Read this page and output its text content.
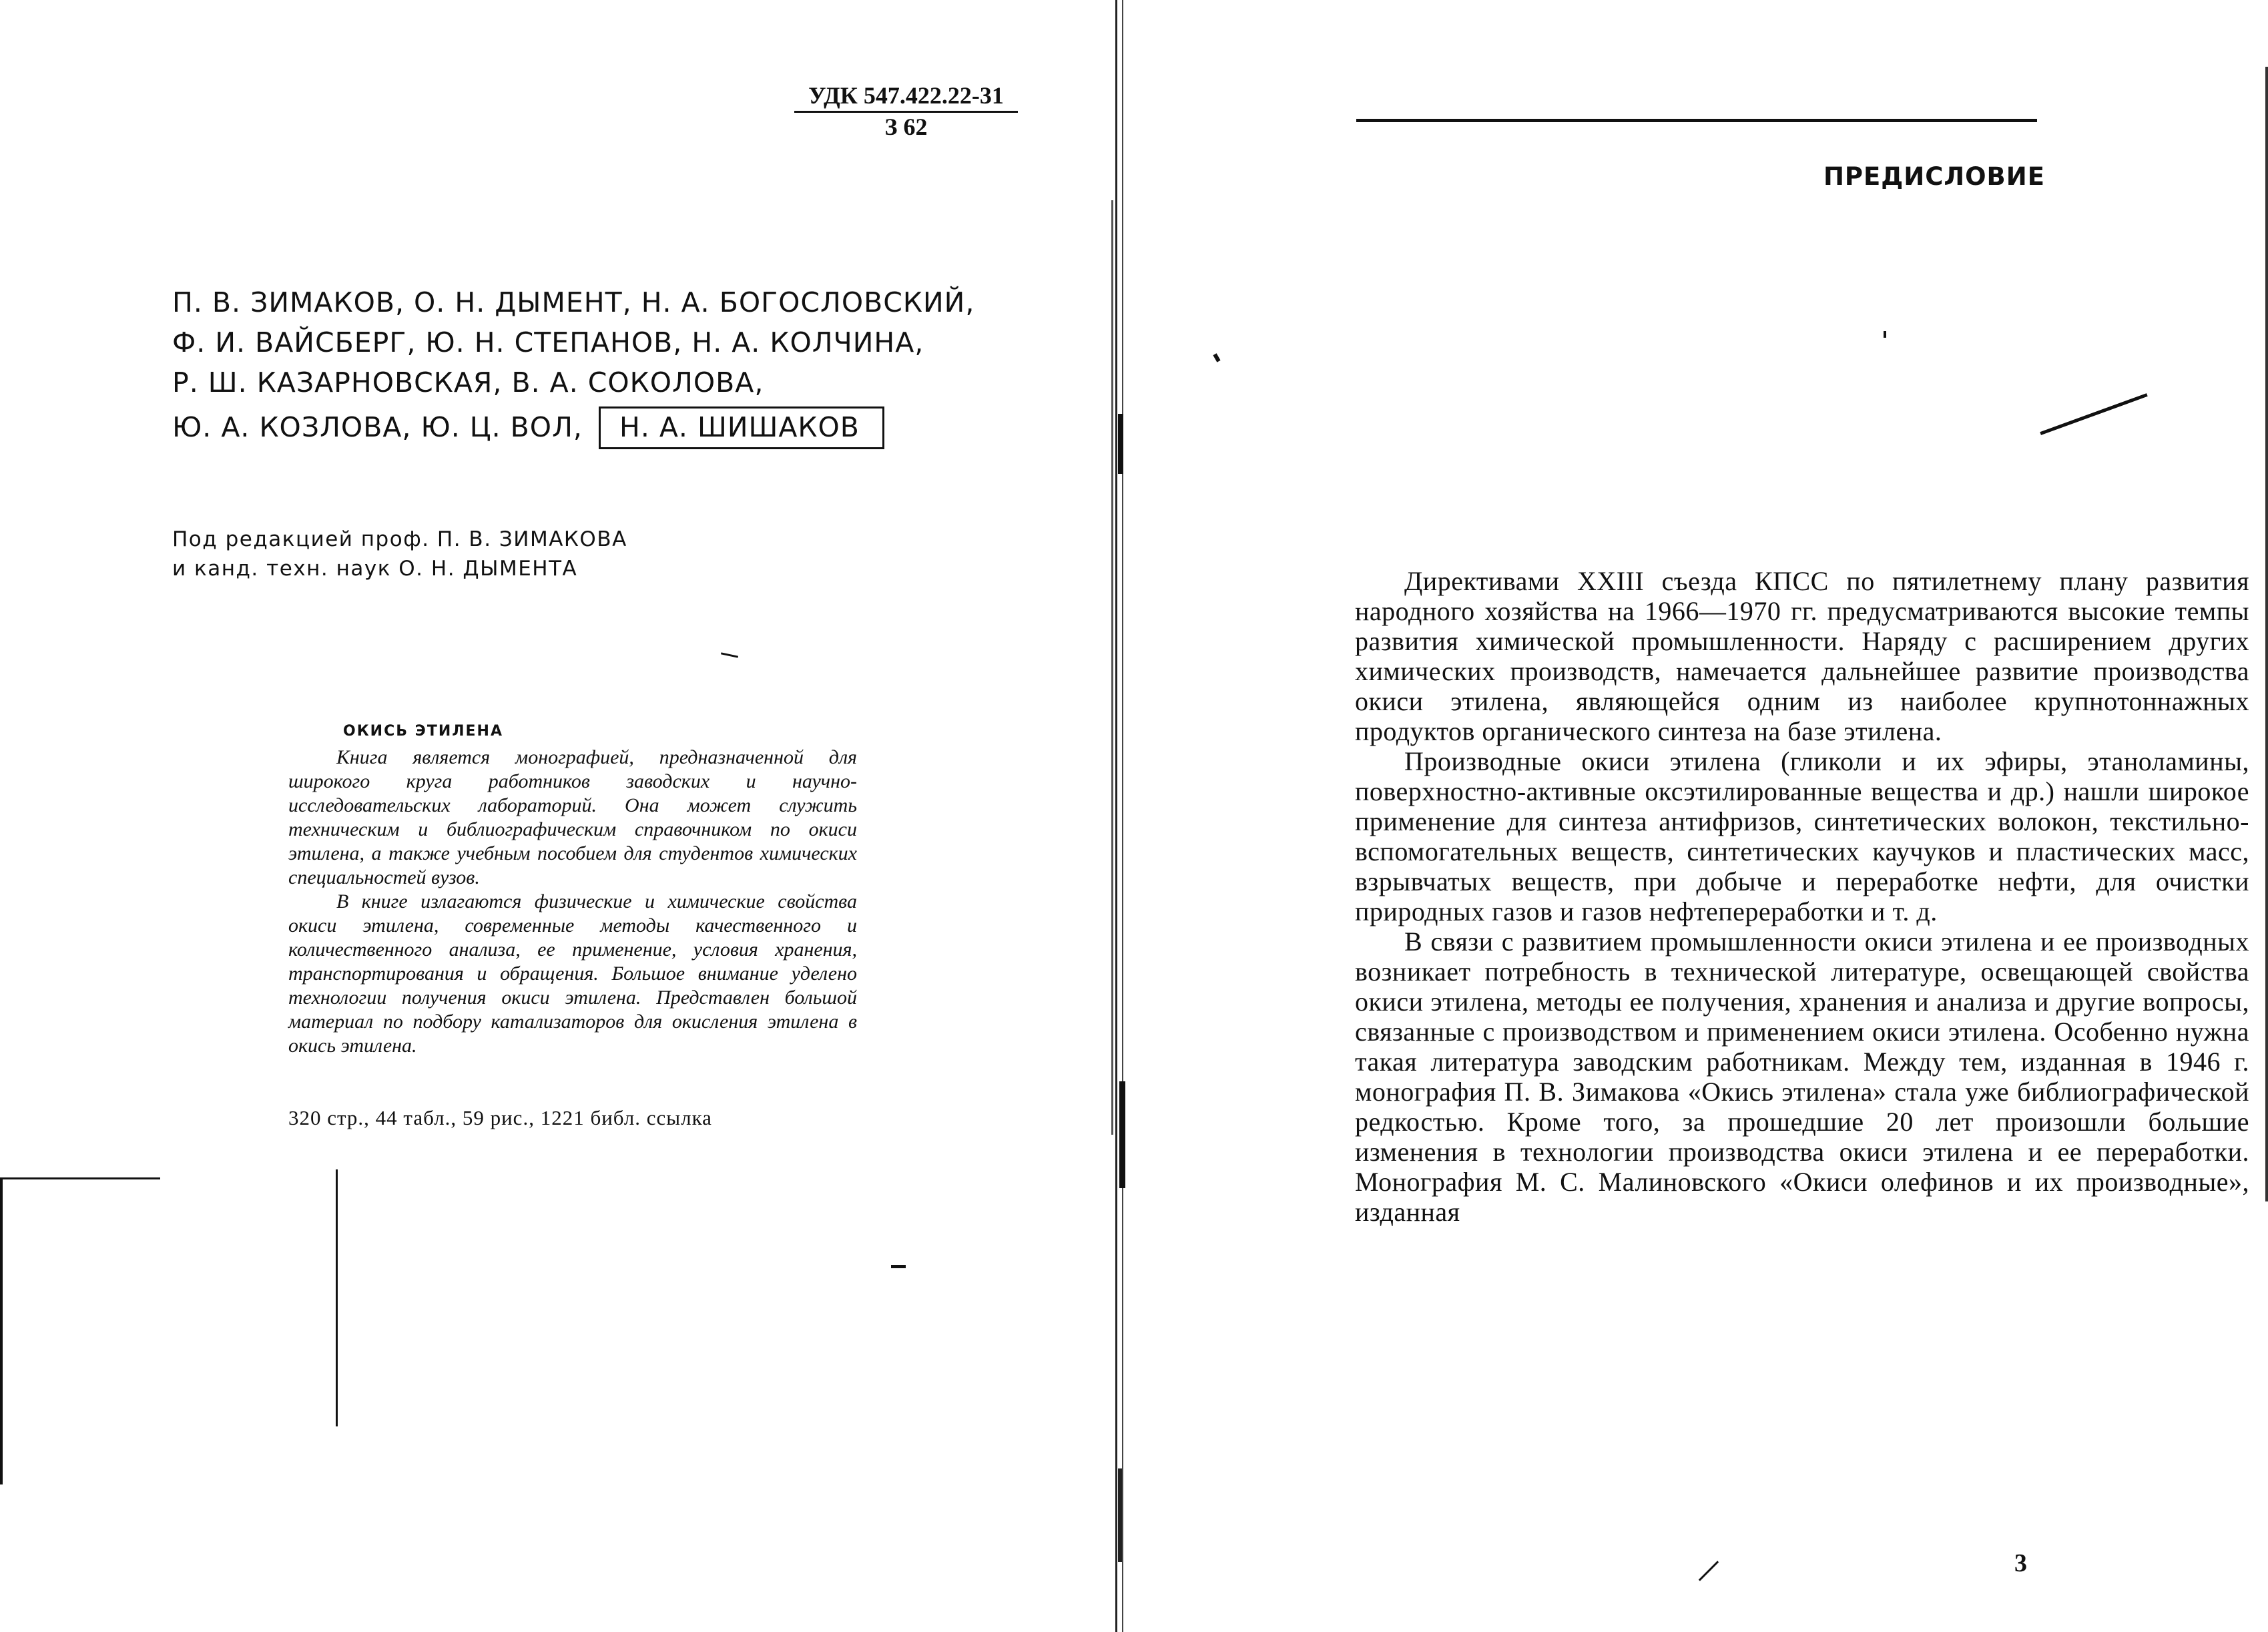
УДК 547.422.22-31
З 62
П. В. ЗИМАКОВ, О. Н. ДЫМЕНТ, Н. А. БОГОСЛОВСКИЙ,
Ф. И. ВАЙСБЕРГ, Ю. Н. СТЕПАНОВ, Н. А. КОЛЧИНА,
Р. Ш. КАЗАРНОВСКАЯ, В. А. СОКОЛОВА,
Ю. А. КОЗЛОВА, Ю. Ц. ВОЛ, Н. А. ШИШАКОВ
Под редакцией проф. П. В. ЗИМАКОВА
и канд. техн. наук О. Н. ДЫМЕНТА
ОКИСЬ ЭТИЛЕНА

Книга является монографией, предназначенной для широкого круга работников заводских и научно-исследовательских лабораторий. Она может служить техническим и библиографическим справочником по окиси этилена, а также учебным пособием для студентов химических специальностей вузов.

В книге излагаются физические и химические свойства окиси этилена, современные методы качественного и количественного анализа, ее применение, условия хранения, транспортирования и обращения. Большое внимание уделено технологии получения окиси этилена. Представлен большой материал по подбору катализаторов для окисления этилена в окись этилена.

320 стр., 44 табл., 59 рис., 1221 библ. ссылка
ПРЕДИСЛОВИЕ

Директивами XXIII съезда КПСС по пятилетнему плану развития народного хозяйства на 1966—1970 гг. предусматриваются высокие темпы развития химической промышленности. Наряду с расширением других химических производств, намечается дальнейшее развитие производства окиси этилена, являющейся одним из наиболее крупнотоннажных продуктов органического синтеза на базе этилена.

Производные окиси этилена (гликоли и их эфиры, этаноламины, поверхностно-активные оксэтилированные вещества и др.) нашли широкое применение для синтеза антифризов, синтетических волокон, текстильно-вспомогательных веществ, синтетических каучуков и пластических масс, взрывчатых веществ, при добыче и переработке нефти, для очистки природных газов и газов нефтепереработки и т. д.

В связи с развитием промышленности окиси этилена и ее производных возникает потребность в технической литературе, освещающей свойства окиси этилена, методы ее получения, хранения и анализа и другие вопросы, связанные с производством и применением окиси этилена. Особенно нужна такая литература заводским работникам. Между тем, изданная в 1946 г. монография П. В. Зимакова «Окись этилена» стала уже библиографической редкостью. Кроме того, за прошедшие 20 лет произошли большие изменения в технологии производства окиси этилена и ее переработки. Монография М. С. Малиновского «Окиси олефинов и их производные», изданная

3
